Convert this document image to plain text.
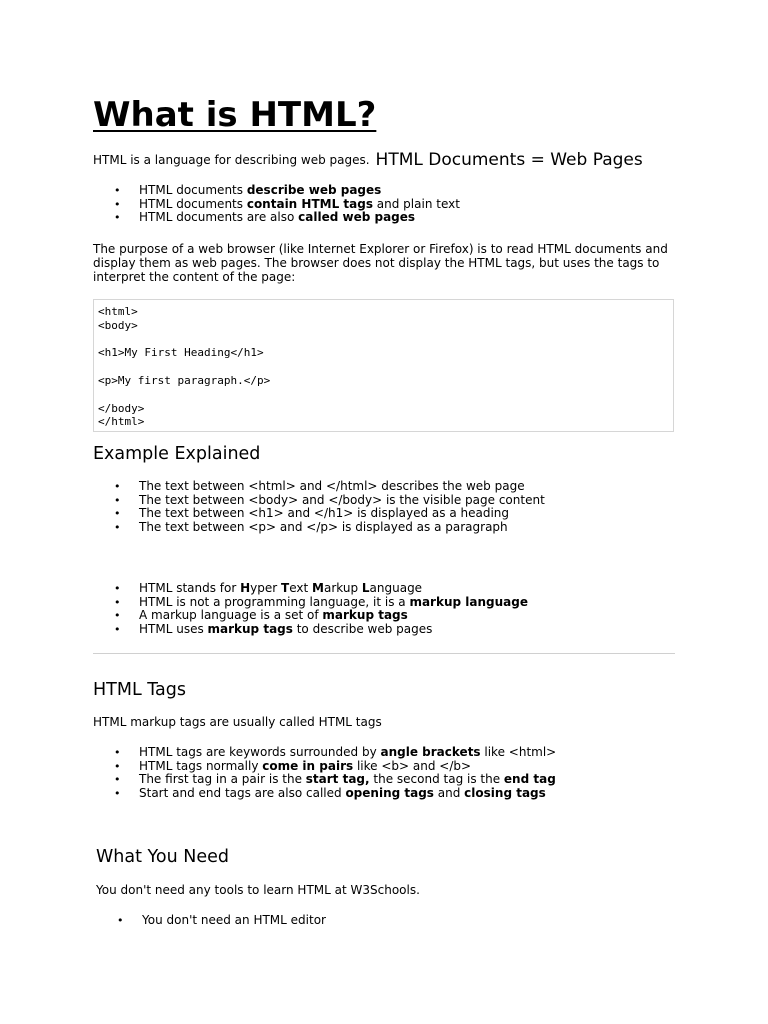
What is HTML?

HTML is a language for describing web pages. HTML Documents = Web Pages

• HTML documents describe web pages
• HTML documents contain HTML tags and plain text
• HTML documents are also called web pages

The purpose of a web browser (like Internet Explorer or Firefox) is to read HTML documents and

display them as web pages. The browser does not display the HTML tags, but uses the tags to

interpret the content of the page:

<html>
<body>

<h1>My First Heading</h1>

<p>My first paragraph.</p>

</body>
</html>
Example Explained
• The text between <html> and </html> describes the web page
• The text between <body> and </body> is the visible page content
• The text between <h1> and </h1> is displayed as a heading
• The text between <p> and </p> is displayed as a paragraph
• HTML stands for Hyper Text Markup Language
• HTML is not a programming language, it is a markup language
• A markup language is a set of markup tags
• HTML uses markup tags to describe web pages
HTML Tags

HTML markup tags are usually called HTML tags

• HTML tags are keywords surrounded by angle brackets like <html>
• HTML tags normally come in pairs like <b> and </b>
• The first tag in a pair is the start tag, the second tag is the end tag
• Start and end tags are also called opening tags and closing tags
What You Need

You don't need any tools to learn HTML at W3Schools.

• You don't need an HTML editor
